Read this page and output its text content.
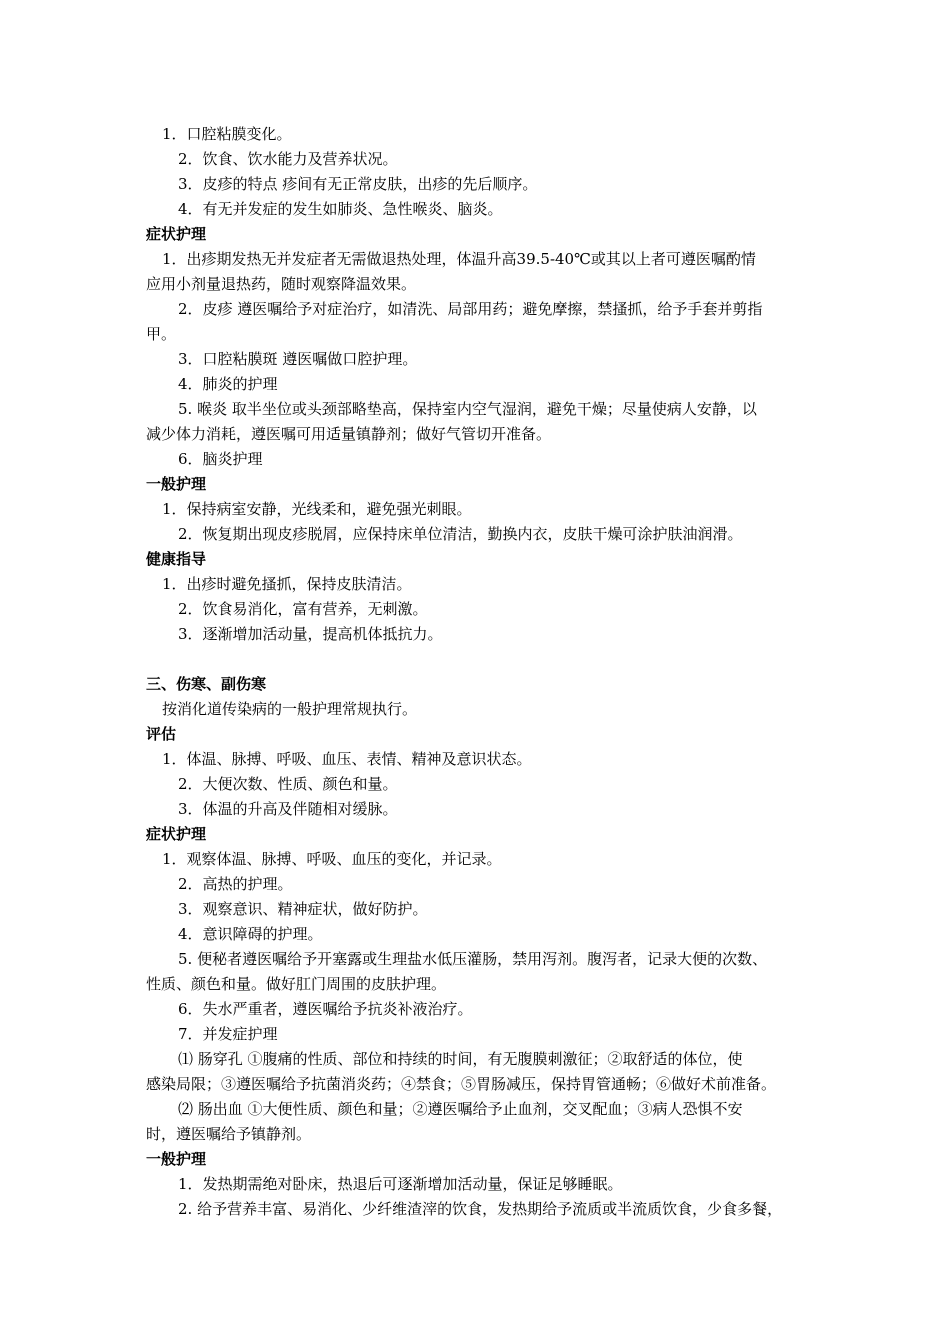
1．口腔粘膜变化。
2．饮食、饮水能力及营养状况。
3．皮疹的特点 疹间有无正常皮肤，出疹的先后顺序。
4．有无并发症的发生如肺炎、急性喉炎、脑炎。
症状护理
1．出疹期发热无并发症者无需做退热处理，体温升高39.5-40℃或其以上者可遵医嘱酌情
应用小剂量退热药，随时观察降温效果。
2．皮疹 遵医嘱给予对症治疗，如清洗、局部用药；避免摩擦，禁搔抓，给予手套并剪指
甲。
3．口腔粘膜斑 遵医嘱做口腔护理。
4．肺炎的护理
5. 喉炎 取半坐位或头颈部略垫高，保持室内空气湿润，避免干燥；尽量使病人安静，以
减少体力消耗，遵医嘱可用适量镇静剂；做好气管切开准备。
6．脑炎护理
一般护理
1．保持病室安静，光线柔和，避免强光刺眼。
2．恢复期出现皮疹脱屑，应保持床单位清洁，勤换内衣，皮肤干燥可涂护肤油润滑。
健康指导
1．出疹时避免搔抓，保持皮肤清洁。
2．饮食易消化，富有营养，无刺激。
3．逐渐增加活动量，提高机体抵抗力。
三、伤寒、副伤寒
按消化道传染病的一般护理常规执行。
评估
1．体温、脉搏、呼吸、血压、表情、精神及意识状态。
2．大便次数、性质、颜色和量。
3．体温的升高及伴随相对缓脉。
症状护理
1．观察体温、脉搏、呼吸、血压的变化，并记录。
2．高热的护理。
3．观察意识、精神症状，做好防护。
4．意识障碍的护理。
5. 便秘者遵医嘱给予开塞露或生理盐水低压灌肠，禁用泻剂。腹泻者，记录大便的次数、
性质、颜色和量。做好肛门周围的皮肤护理。
6．失水严重者，遵医嘱给予抗炎补液治疗。
7．并发症护理
⑴ 肠穿孔 ①腹痛的性质、部位和持续的时间，有无腹膜刺激征；②取舒适的体位，使
感染局限；③遵医嘱给予抗菌消炎药；④禁食；⑤胃肠减压，保持胃管通畅；⑥做好术前准备。
⑵ 肠出血 ①大便性质、颜色和量；②遵医嘱给予止血剂，交叉配血；③病人恐惧不安
时，遵医嘱给予镇静剂。
一般护理
1．发热期需绝对卧床，热退后可逐渐增加活动量，保证足够睡眠。
2. 给予营养丰富、易消化、少纤维渣滓的饮食，发热期给予流质或半流质饮食，少食多餐，
